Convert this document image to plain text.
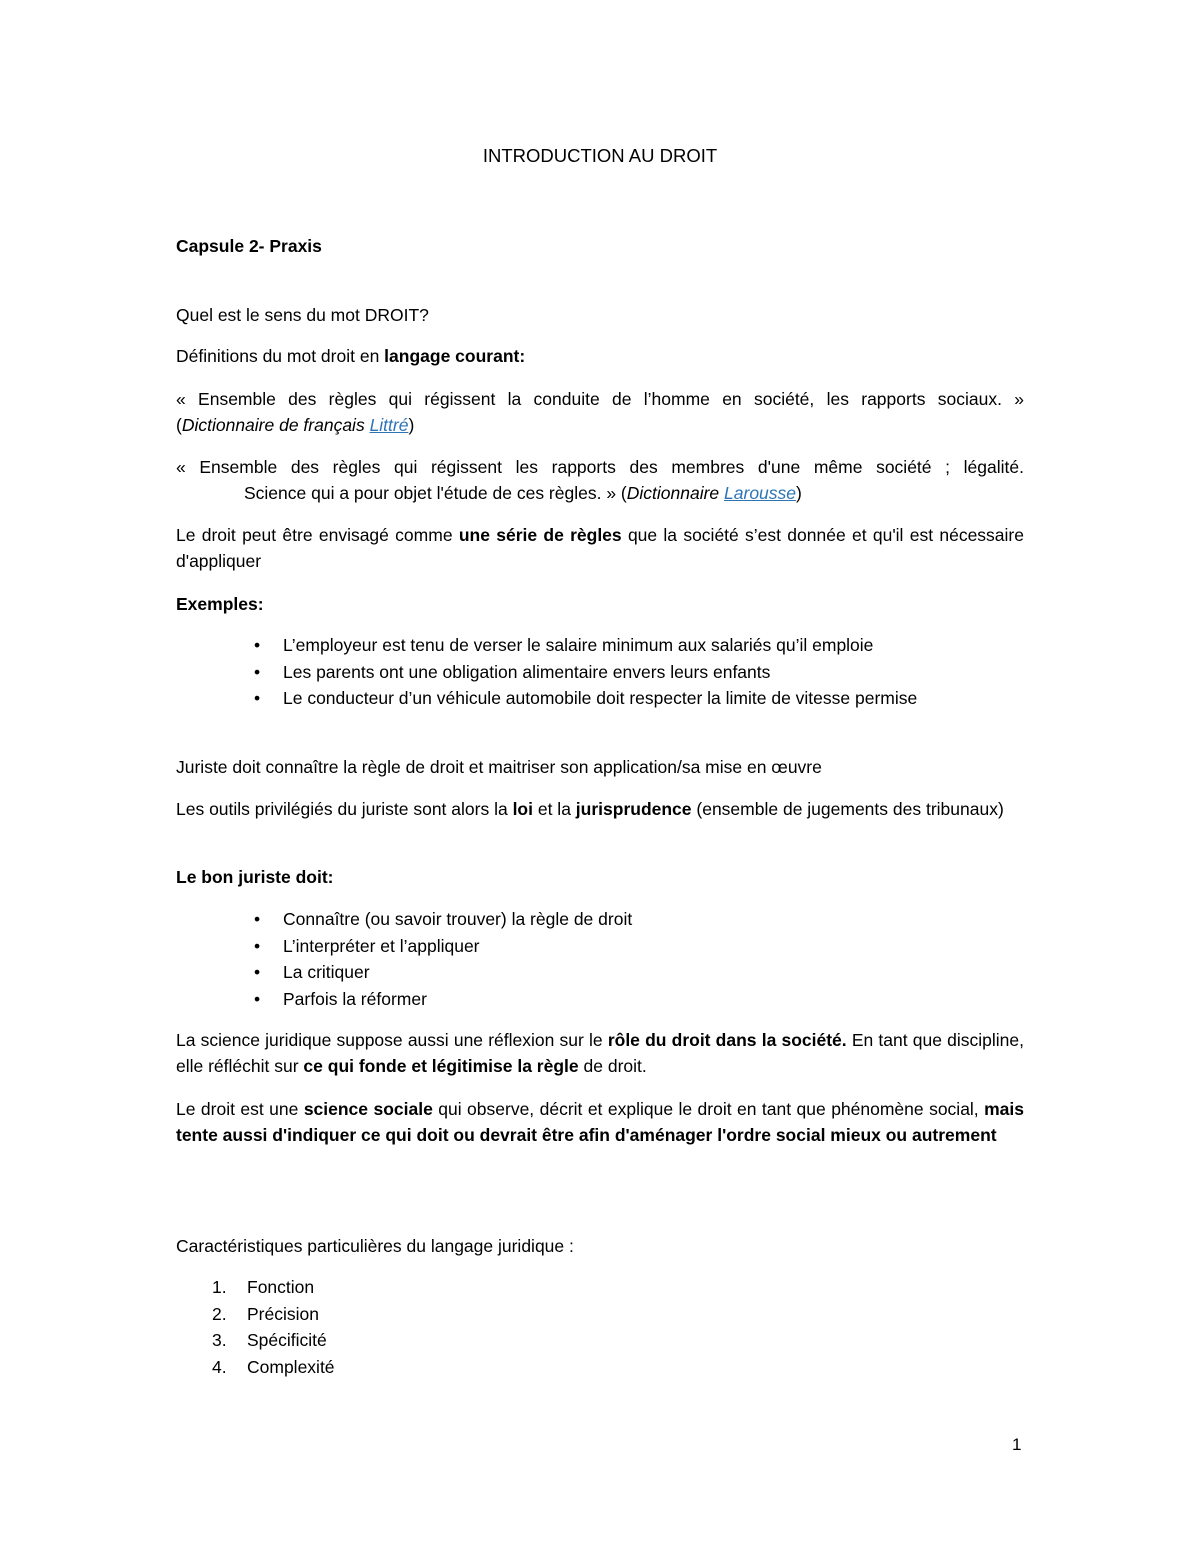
INTRODUCTION AU DROIT
Capsule 2- Praxis
Quel est le sens du mot DROIT?
Définitions du mot droit en langage courant:
« Ensemble des règles qui régissent la conduite de l’homme en société, les rapports sociaux. »
(Dictionnaire de français Littré)
« Ensemble des règles qui régissent les rapports des membres d'une même société ; légalité.
Science qui a pour objet l'étude de ces règles. » (Dictionnaire Larousse)
Le droit peut être envisagé comme une série de règles que la société s’est donnée et qu'il est nécessaire d'appliquer
Exemples:
• L’employeur est tenu de verser le salaire minimum aux salariés qu’il emploie
• Les parents ont une obligation alimentaire envers leurs enfants
• Le conducteur d’un véhicule automobile doit respecter la limite de vitesse permise
Juriste doit connaître la règle de droit et maitriser son application/sa mise en œuvre
Les outils privilégiés du juriste sont alors la loi et la jurisprudence (ensemble de jugements des tribunaux)
Le bon juriste doit:
• Connaître (ou savoir trouver) la règle de droit
• L’interpréter et l’appliquer
• La critiquer
• Parfois la réformer
La science juridique suppose aussi une réflexion sur le rôle du droit dans la société. En tant que discipline, elle réfléchit sur ce qui fonde et légitimise la règle de droit.
Le droit est une science sociale qui observe, décrit et explique le droit en tant que phénomène social, mais tente aussi d'indiquer ce qui doit ou devrait être afin d'aménager l'ordre social mieux ou autrement
Caractéristiques particulières du langage juridique :
1. Fonction
2. Précision
3. Spécificité
4. Complexité
1
